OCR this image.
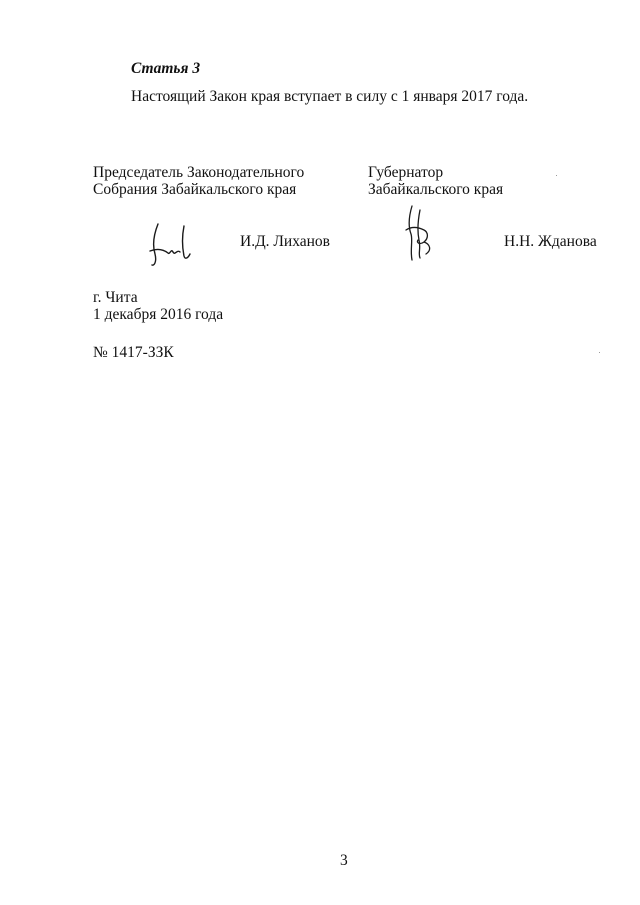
Статья 3
Настоящий Закон края вступает в силу с 1 января 2017 года.
Председатель Законодательного
Собрания Забайкальского края
И.Д. Лиханов
Губернатор
Забайкальского края
Н.Н. Жданова
г. Чита
1 декабря 2016 года
№ 1417-ЗЗК
3
